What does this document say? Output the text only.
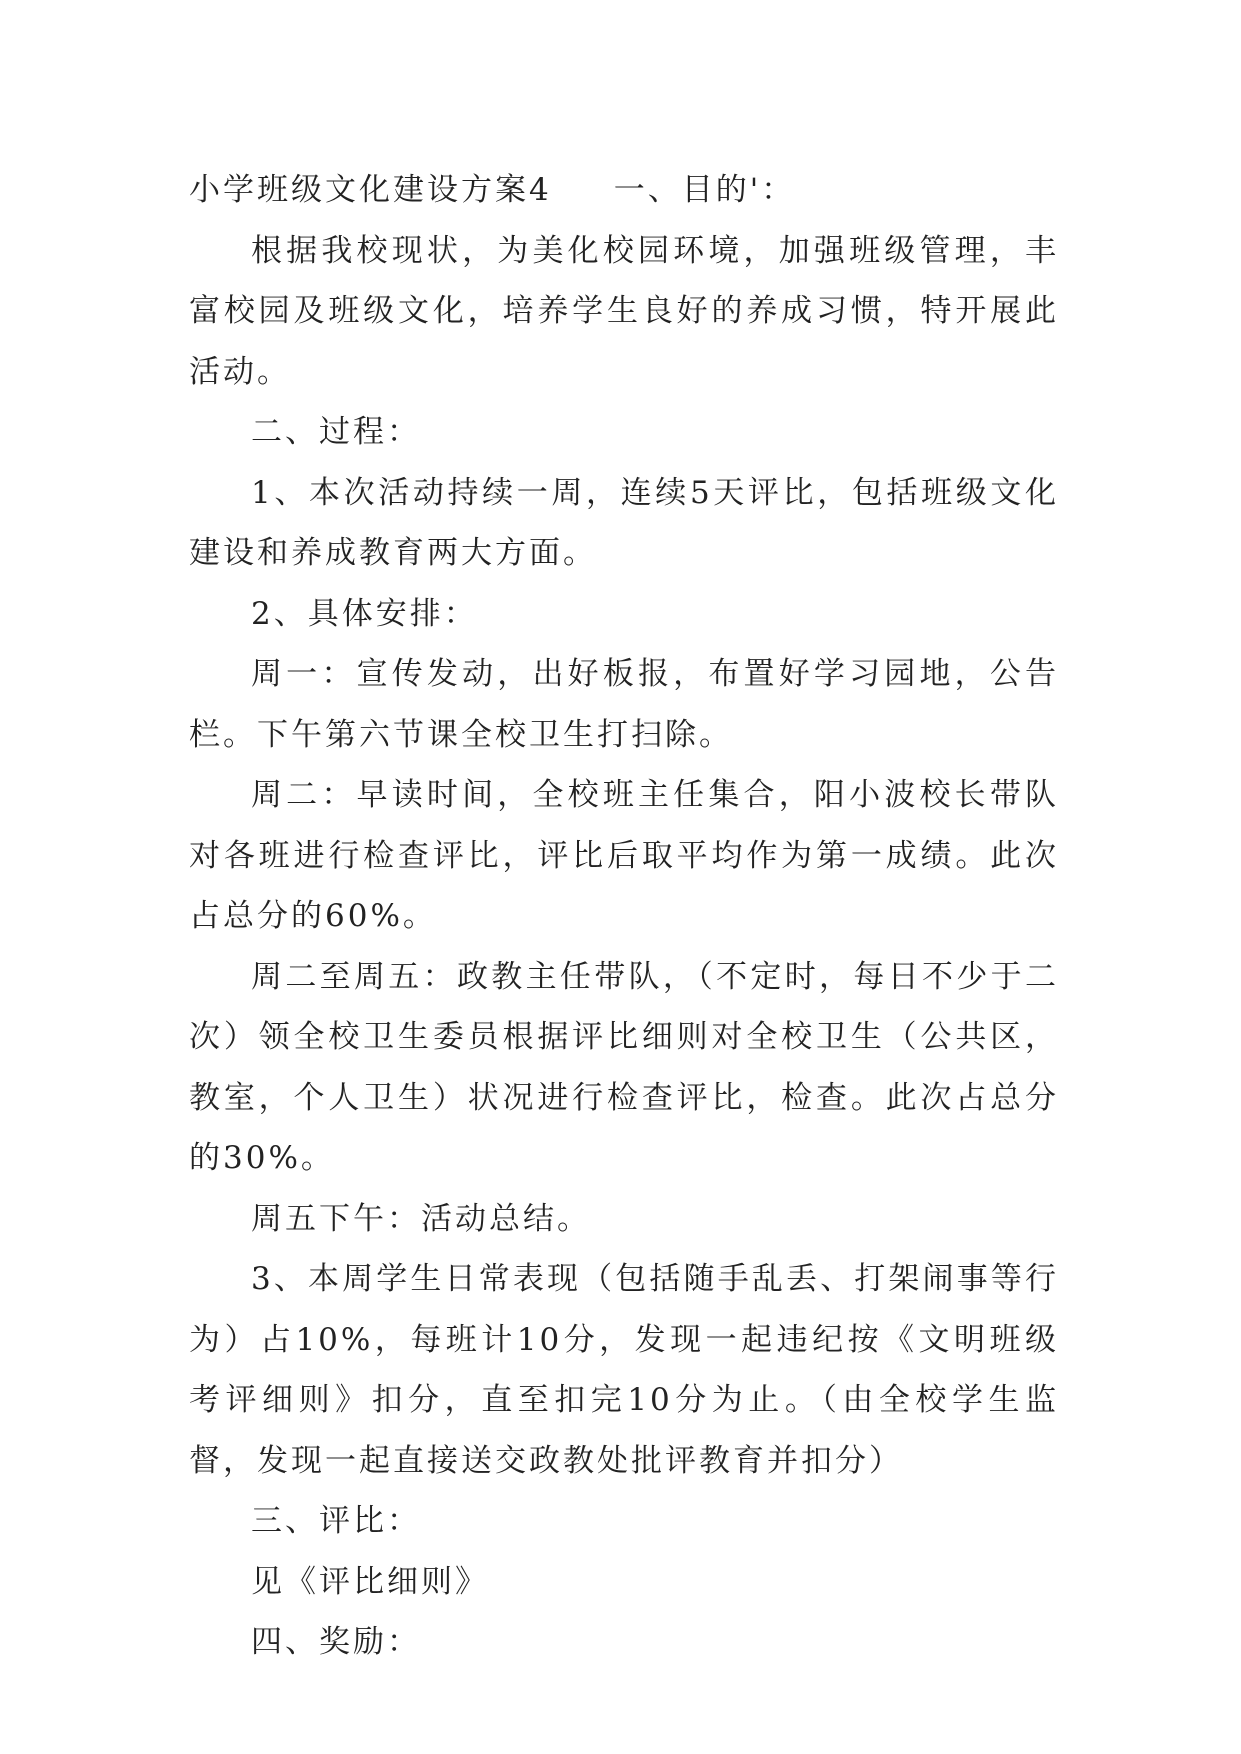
小学班级文化建设方案4 一、目的'：

根据我校现状，为美化校园环境，加强班级管理，丰富校园及班级文化，培养学生良好的养成习惯，特开展此活动。

二、过程：

1、本次活动持续一周，连续5天评比，包括班级文化建设和养成教育两大方面。

2、具体安排：

周一：宣传发动，出好板报，布置好学习园地，公告栏。下午第六节课全校卫生打扫除。

周二：早读时间，全校班主任集合，阳小波校长带队对各班进行检查评比，评比后取平均作为第一成绩。此次占总分的60%。

周二至周五：政教主任带队，（不定时，每日不少于二次）领全校卫生委员根据评比细则对全校卫生（公共区，教室，个人卫生）状况进行检查评比，检查。此次占总分的30%。

周五下午：活动总结。

3、本周学生日常表现（包括随手乱丢、打架闹事等行为）占10%，每班计10分，发现一起违纪按《文明班级考评细则》扣分，直至扣完10分为止。（由全校学生监督，发现一起直接送交政教处批评教育并扣分）

三、评比：

见《评比细则》

四、奖励：
